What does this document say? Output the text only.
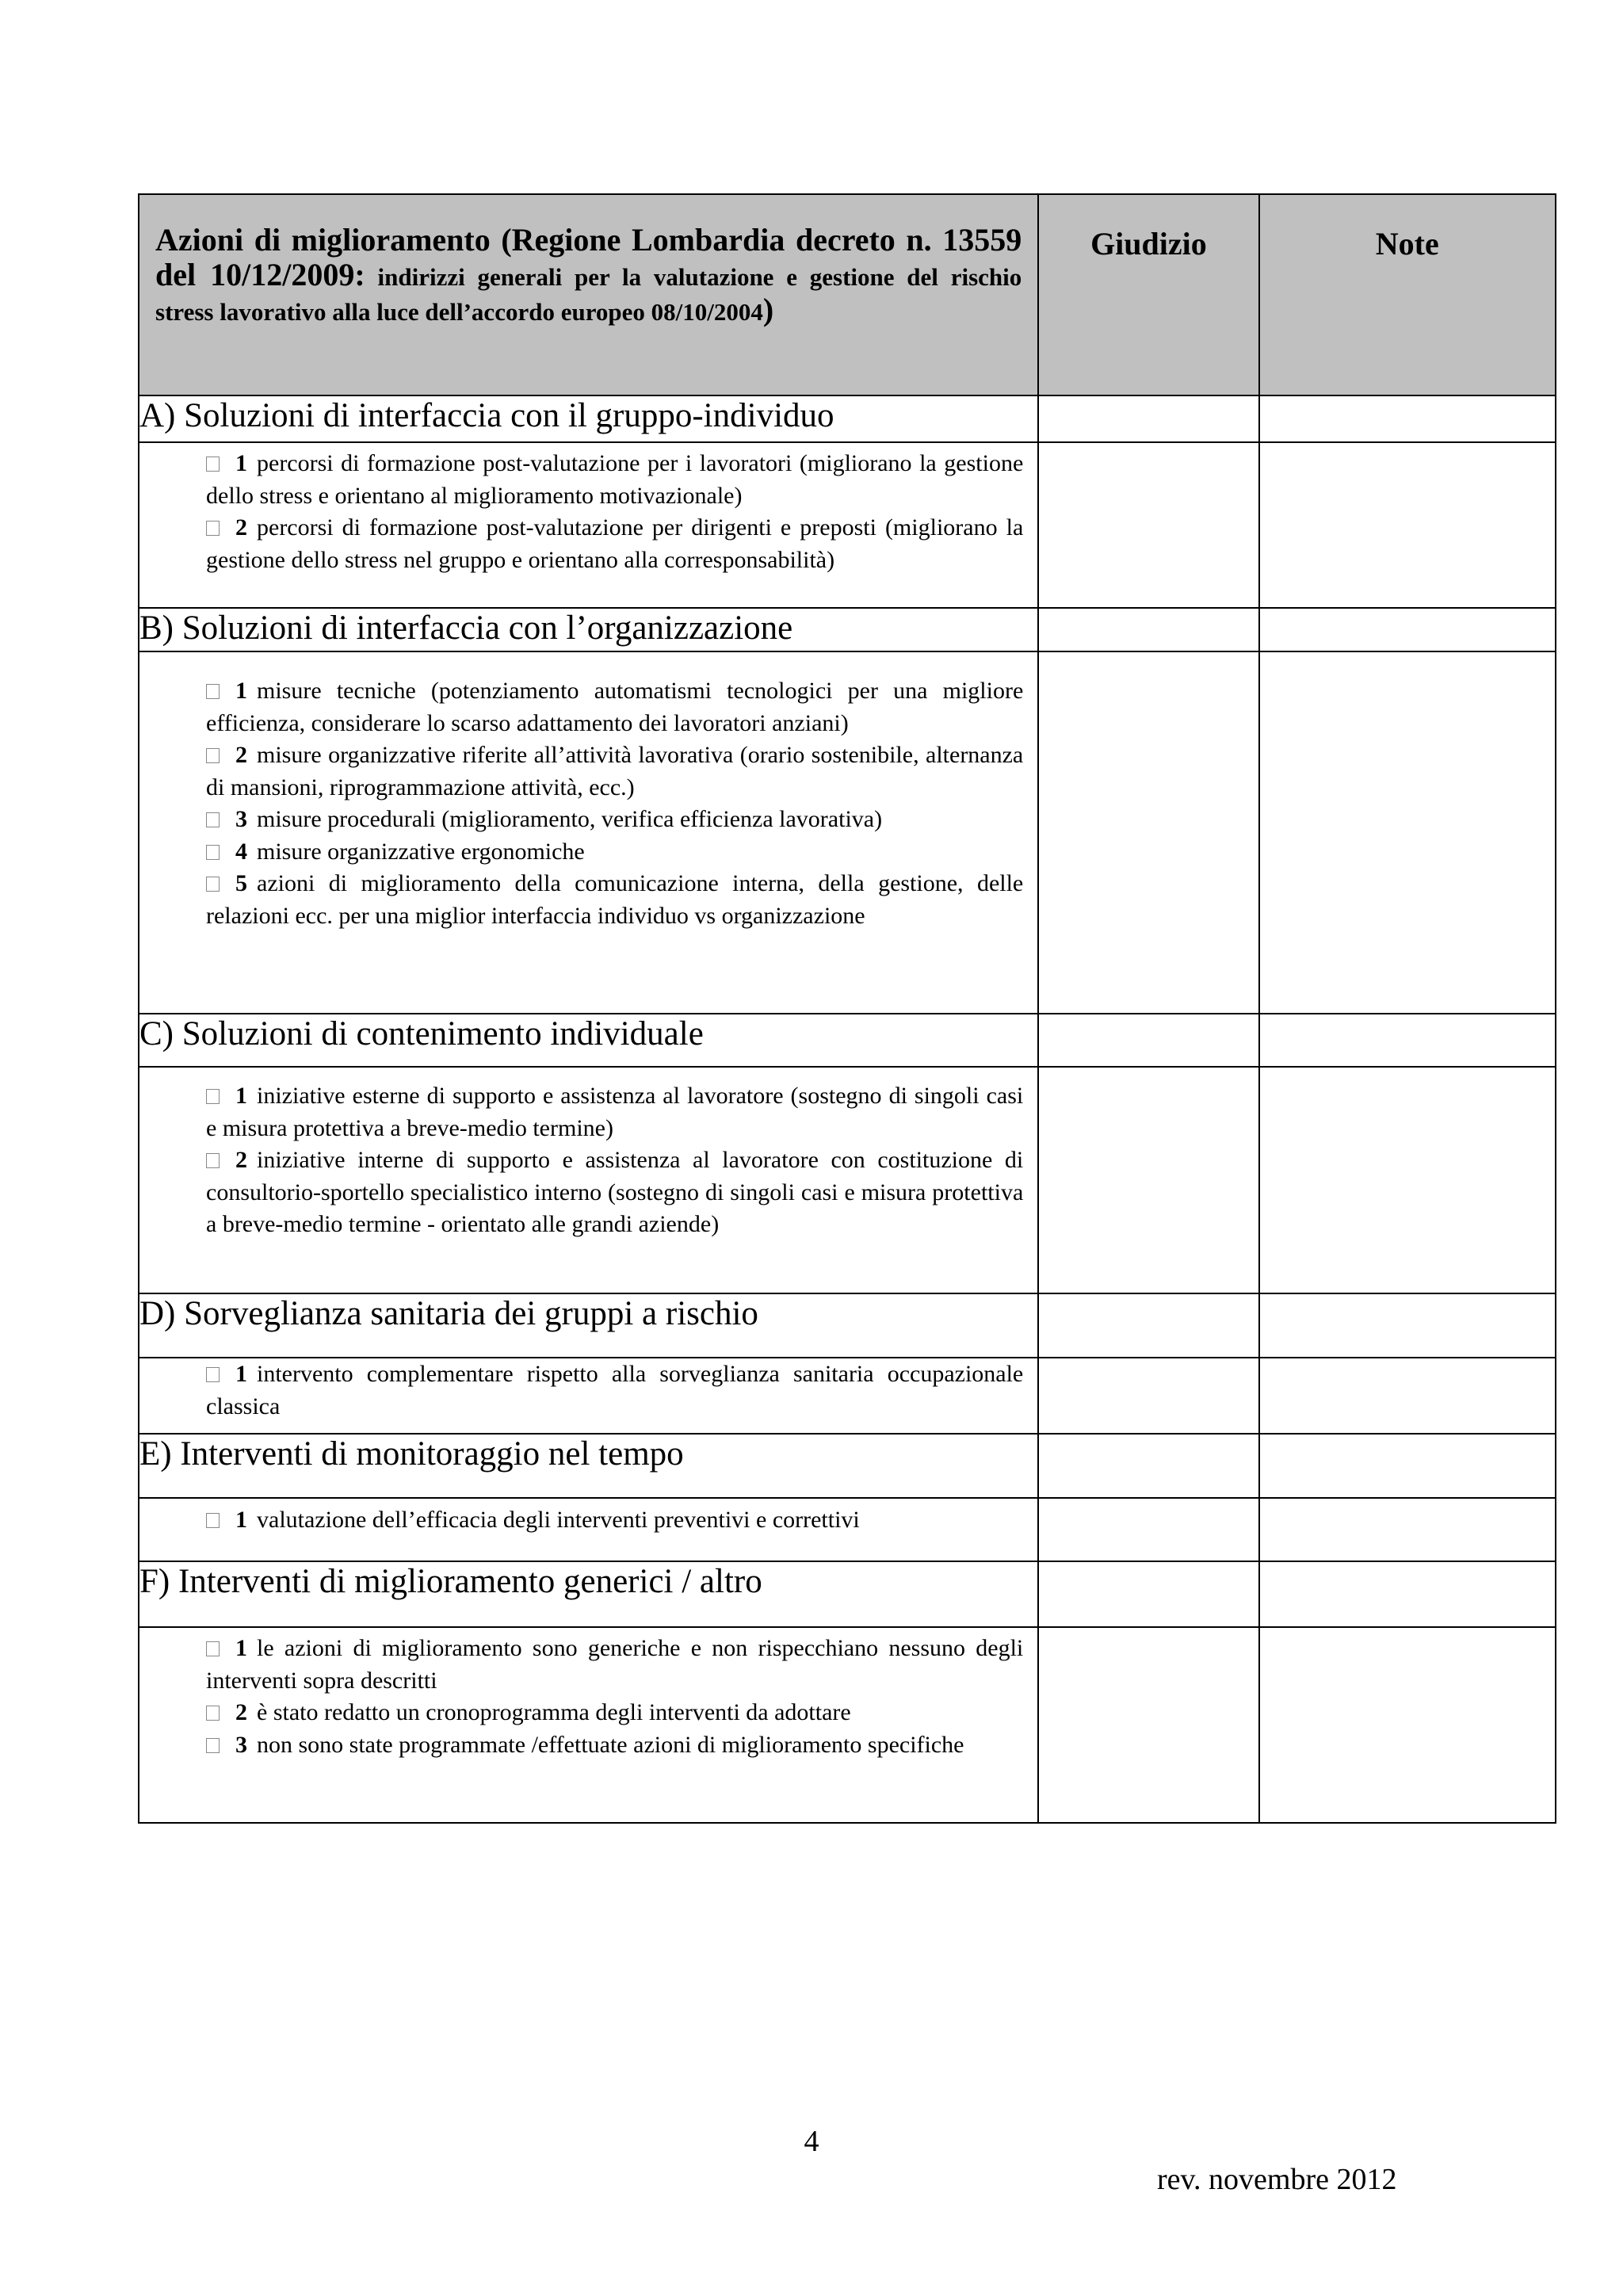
Azioni di miglioramento (Regione Lombardia decreto n. 13559 del 10/12/2009: indirizzi generali per la valutazione e gestione del rischio stress lavorativo alla luce dell’accordo europeo 08/10/2004)	Giudizio	Note

A) Soluzioni di interfaccia con il gruppo-individuo		

1 percorsi di formazione post-valutazione per i lavoratori (migliorano la gestione dello stress e orientano al miglioramento motivazionale)
2 percorsi di formazione post-valutazione per dirigenti e preposti (migliorano la gestione dello stress nel gruppo e orientano alla corresponsabilità)		

B) Soluzioni di interfaccia con l’organizzazione		

1 misure tecniche (potenziamento automatismi tecnologici per una migliore efficienza, considerare lo scarso adattamento dei lavoratori anziani)
2 misure organizzative riferite all’attività lavorativa (orario sostenibile, alternanza di mansioni, riprogrammazione attività, ecc.)
3 misure procedurali (miglioramento, verifica efficienza lavorativa)
4 misure organizzative ergonomiche
5 azioni di miglioramento della comunicazione interna, della gestione, delle relazioni ecc. per una miglior interfaccia individuo vs organizzazione		

C) Soluzioni di contenimento individuale		

1 iniziative esterne di supporto e assistenza al lavoratore (sostegno di singoli casi e misura protettiva a breve-medio termine)
2 iniziative interne di supporto e assistenza al lavoratore con costituzione di consultorio-sportello specialistico interno (sostegno di singoli casi e misura protettiva a breve-medio termine - orientato alle grandi aziende)		

D) Sorveglianza sanitaria dei gruppi a rischio		

1 intervento complementare rispetto alla sorveglianza sanitaria occupazionale classica		

E) Interventi di monitoraggio nel tempo		

1 valutazione dell’efficacia degli interventi preventivi e correttivi		

F) Interventi di miglioramento generici / altro		

1 le azioni di miglioramento sono generiche e non rispecchiano nessuno degli interventi sopra descritti
2 è stato redatto un cronoprogramma degli interventi da adottare
3 non sono state programmate /effettuate azioni di miglioramento specifiche		

4
rev. novembre 2012
